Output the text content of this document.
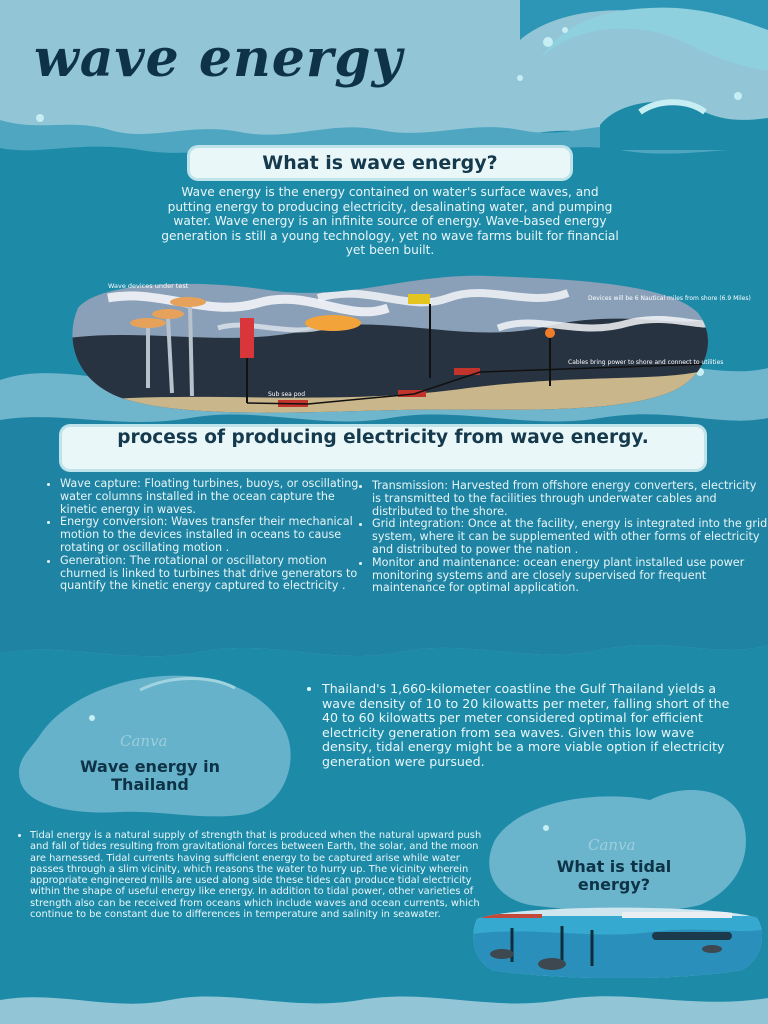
wave energy
What is wave energy?
Wave energy is the energy contained on water's surface waves, and putting energy to producing electricity, desalinating water, and pumping water. Wave energy is an infinite source of energy. Wave-based energy generation is still a young technology, yet no wave farms built for financial yet been built.
Wave devices under test
Devices will be 6 Nautical miles from shore (6.9 Miles)
Cables bring power to shore and connect to utilities
Sub sea pod
process of producing electricity from wave energy.
• Wave capture: Floating turbines, buoys, or oscillating water columns installed in the ocean capture the kinetic energy in waves.
• Energy conversion: Waves transfer their mechanical motion to the devices installed in oceans to cause rotating or oscillating motion .
• Generation: The rotational or oscillatory motion churned is linked to turbines that drive generators to quantify the kinetic energy captured to electricity .
• Transmission: Harvested from offshore energy converters, electricity is transmitted to the facilities through underwater cables and distributed to the shore.
• Grid integration: Once at the facility, energy is integrated into the grid system, where it can be supplemented with other forms of electricity and distributed to power the nation .
• Monitor and maintenance: ocean energy plant installed use power monitoring systems and are closely supervised for frequent maintenance for optimal application.
Canva
Wave energy in Thailand
• Thailand's 1,660-kilometer coastline the Gulf Thailand yields a wave density of 10 to 20 kilowatts per meter, falling short of the 40 to 60 kilowatts per meter considered optimal for efficient electricity generation from sea waves. Given this low wave density, tidal energy might be a more viable option if electricity generation were pursued.
• Tidal energy is a natural supply of strength that is produced when the natural upward push and fall of tides resulting from gravitational forces between Earth, the solar, and the moon are harnessed. Tidal currents having sufficient energy to be captured arise while water passes through a slim vicinity, which reasons the water to hurry up. The vicinity wherein appropriate engineered mills are used along side these tides can produce tidal electricity within the shape of useful energy like energy. In addition to tidal power, other varieties of strength also can be received from oceans which include waves and ocean currents, which continue to be constant due to differences in temperature and salinity in seawater.
Canva
What is tidal energy?
